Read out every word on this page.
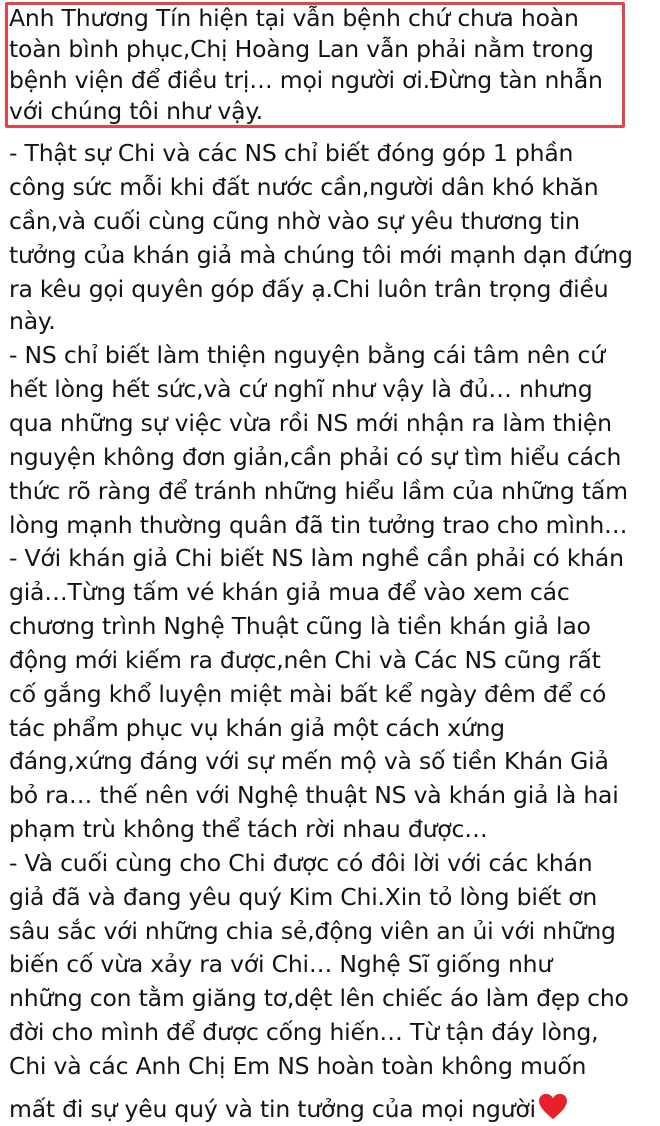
Anh Thương Tín hiện tại vẫn bệnh chứ chưa hoàn

toàn bình phục,Chị Hoàng Lan vẫn phải nằm trong

bệnh viện để điều trị… mọi người ơi.Đừng tàn nhẫn

với chúng tôi như vậy.

- Thật sự Chi và các NS chỉ biết đóng góp 1 phần

công sức mỗi khi đất nước cần,người dân khó khăn

cần,và cuối cùng cũng nhờ vào sự yêu thương tin

tưởng của khán giả mà chúng tôi mới mạnh dạn đứng

ra kêu gọi quyên góp đấy ạ.Chi luôn trân trọng điều

này.

- NS chỉ biết làm thiện nguyện bằng cái tâm nên cứ

hết lòng hết sức,và cứ nghĩ như vậy là đủ… nhưng

qua những sự việc vừa rồi NS mới nhận ra làm thiện

nguyện không đơn giản,cần phải có sự tìm hiểu cách

thức rõ ràng để tránh những hiểu lầm của những tấm

lòng mạnh thường quân đã tin tưởng trao cho mình…

- Với khán giả Chi biết NS làm nghề cần phải có khán

giả…Từng tấm vé khán giả mua để vào xem các

chương trình Nghệ Thuật cũng là tiền khán giả lao

động mới kiếm ra được,nên Chi và Các NS cũng rất

cố gắng khổ luyện miệt mài bất kể ngày đêm để có

tác phẩm phục vụ khán giả một cách xứng

đáng,xứng đáng với sự mến mộ và số tiền Khán Giả

bỏ ra… thế nên với Nghệ thuật NS và khán giả là hai

phạm trù không thể tách rời nhau được…

- Và cuối cùng cho Chi được có đôi lời với các khán

giả đã và đang yêu quý Kim Chi.Xin tỏ lòng biết ơn

sâu sắc với những chia sẻ,động viên an ủi với những

biến cố vừa xảy ra với Chi… Nghệ Sĩ giống như

những con tằm giăng tơ,dệt lên chiếc áo làm đẹp cho

đời cho mình để được cống hiến… Từ tận đáy lòng,

Chi và các Anh Chị Em NS hoàn toàn không muốn

mất đi sự yêu quý và tin tưởng của mọi người
